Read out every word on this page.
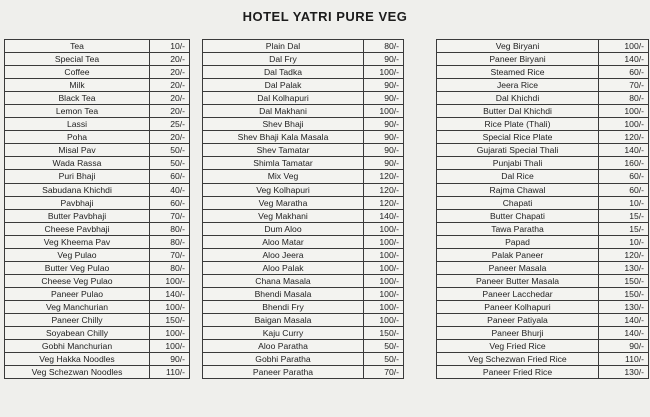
HOTEL YATRI PURE VEG
Tea	10/-
Special Tea	20/-
Coffee	20/-
Milk	20/-
Black Tea	20/-
Lemon Tea	20/-
Lassi	25/-
Poha	20/-
Misal Pav	50/-
Wada Rassa	50/-
Puri Bhaji	60/-
Sabudana Khichdi	40/-
Pavbhaji	60/-
Butter Pavbhaji	70/-
Cheese Pavbhaji	80/-
Veg Kheema Pav	80/-
Veg Pulao	70/-
Butter Veg Pulao	80/-
Cheese Veg Pulao	100/-
Paneer Pulao	140/-
Veg Manchurian	100/-
Paneer Chilly	150/-
Soyabean Chilly	100/-
Gobhi Manchurian	100/-
Veg Hakka Noodles	90/-
Veg Schezwan Noodles	110/-
Plain Dal	80/-
Dal Fry	90/-
Dal Tadka	100/-
Dal Palak	90/-
Dal Kolhapuri	90/-
Dal Makhani	100/-
Shev Bhaji	90/-
Shev Bhaji Kala Masala	90/-
Shev Tamatar	90/-
Shimla Tamatar	90/-
Mix Veg	120/-
Veg Kolhapuri	120/-
Veg Maratha	120/-
Veg Makhani	140/-
Dum Aloo	100/-
Aloo Matar	100/-
Aloo Jeera	100/-
Aloo Palak	100/-
Chana Masala	100/-
Bhendi Masala	100/-
Bhendi Fry	100/-
Baigan Masala	100/-
Kaju Curry	150/-
Aloo Paratha	50/-
Gobhi Paratha	50/-
Paneer Paratha	70/-
Veg Biryani	100/-
Paneer Biryani	140/-
Steamed Rice	60/-
Jeera Rice	70/-
Dal Khichdi	80/-
Butter Dal Khichdi	100/-
Rice Plate (Thali)	100/-
Special Rice Plate	120/-
Gujarati Special Thali	140/-
Punjabi Thali	160/-
Dal Rice	60/-
Rajma Chawal	60/-
Chapati	10/-
Butter Chapati	15/-
Tawa Paratha	15/-
Papad	10/-
Palak Paneer	120/-
Paneer Masala	130/-
Paneer Butter Masala	150/-
Paneer Lacchedar	150/-
Paneer Kolhapuri	130/-
Paneer Patiyala	140/-
Paneer Bhurji	140/-
Veg Fried Rice	90/-
Veg Schezwan Fried Rice	110/-
Paneer Fried Rice	130/-
